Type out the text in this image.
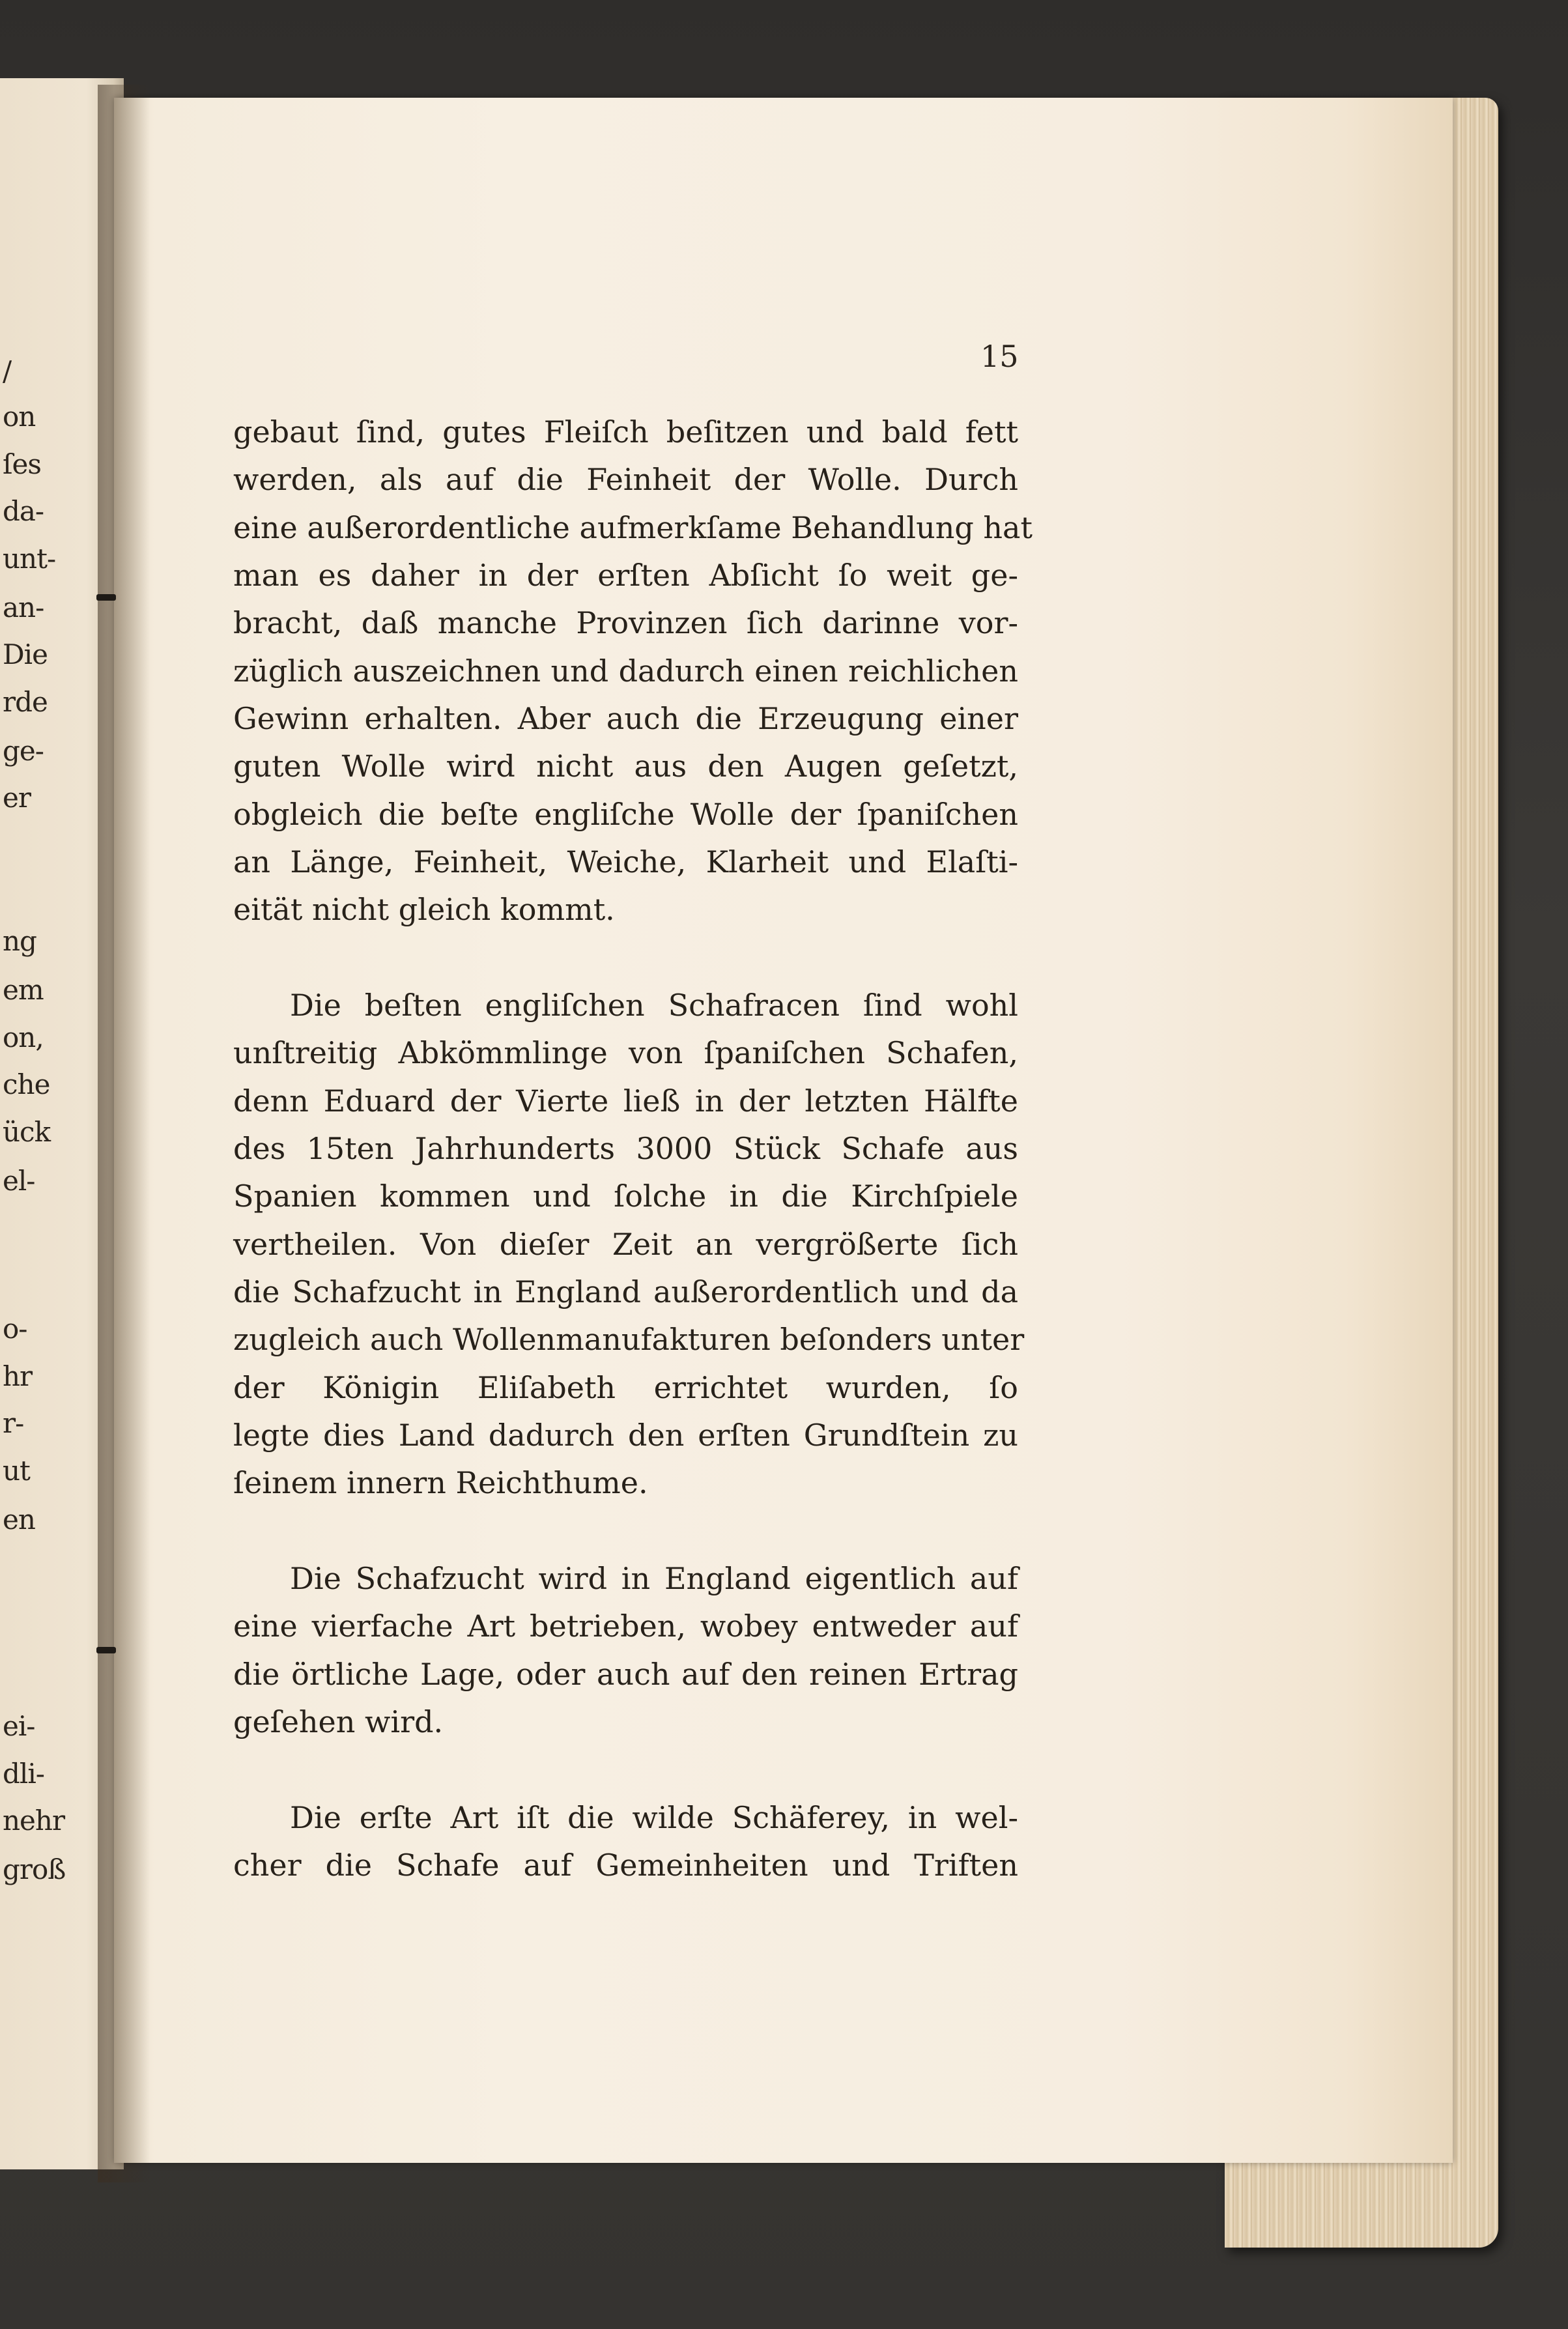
/
on
ſes
da-
unt-
an-
Die
rde
ge-
er
ng
em
on,
che
ück
el-
o-
hr
r-
ut
en
ei-
dli-
nehr
groß
15
gebaut ſind, gutes Fleiſch beſitzen und bald fett
werden, als auf die Feinheit der Wolle. Durch
eine außerordentliche aufmerkſame Behandlung hat
man es daher in der erſten Abſicht ſo weit ge-
bracht, daß manche Provinzen ſich darinne vor-
züglich auszeichnen und dadurch einen reichlichen
Gewinn erhalten. Aber auch die Erzeugung einer
guten Wolle wird nicht aus den Augen geſetzt,
obgleich die beſte engliſche Wolle der ſpaniſchen
an Länge, Feinheit, Weiche, Klarheit und Elaſti-
eität nicht gleich kommt.
Die beſten engliſchen Schafracen ſind wohl
unſtreitig Abkömmlinge von ſpaniſchen Schafen,
denn Eduard der Vierte ließ in der letzten Hälfte
des 15ten Jahrhunderts 3000 Stück Schafe aus
Spanien kommen und ſolche in die Kirchſpiele
vertheilen. Von dieſer Zeit an vergrößerte ſich
die Schafzucht in England außerordentlich und da
zugleich auch Wollenmanufakturen beſonders unter
der Königin Eliſabeth errichtet wurden, ſo
legte dies Land dadurch den erſten Grundſtein zu
ſeinem innern Reichthume.
Die Schafzucht wird in England eigentlich auf
eine vierfache Art betrieben, wobey entweder auf
die örtliche Lage, oder auch auf den reinen Ertrag
geſehen wird.
Die erſte Art iſt die wilde Schäferey, in wel-
cher die Schafe auf Gemeinheiten und Triften
